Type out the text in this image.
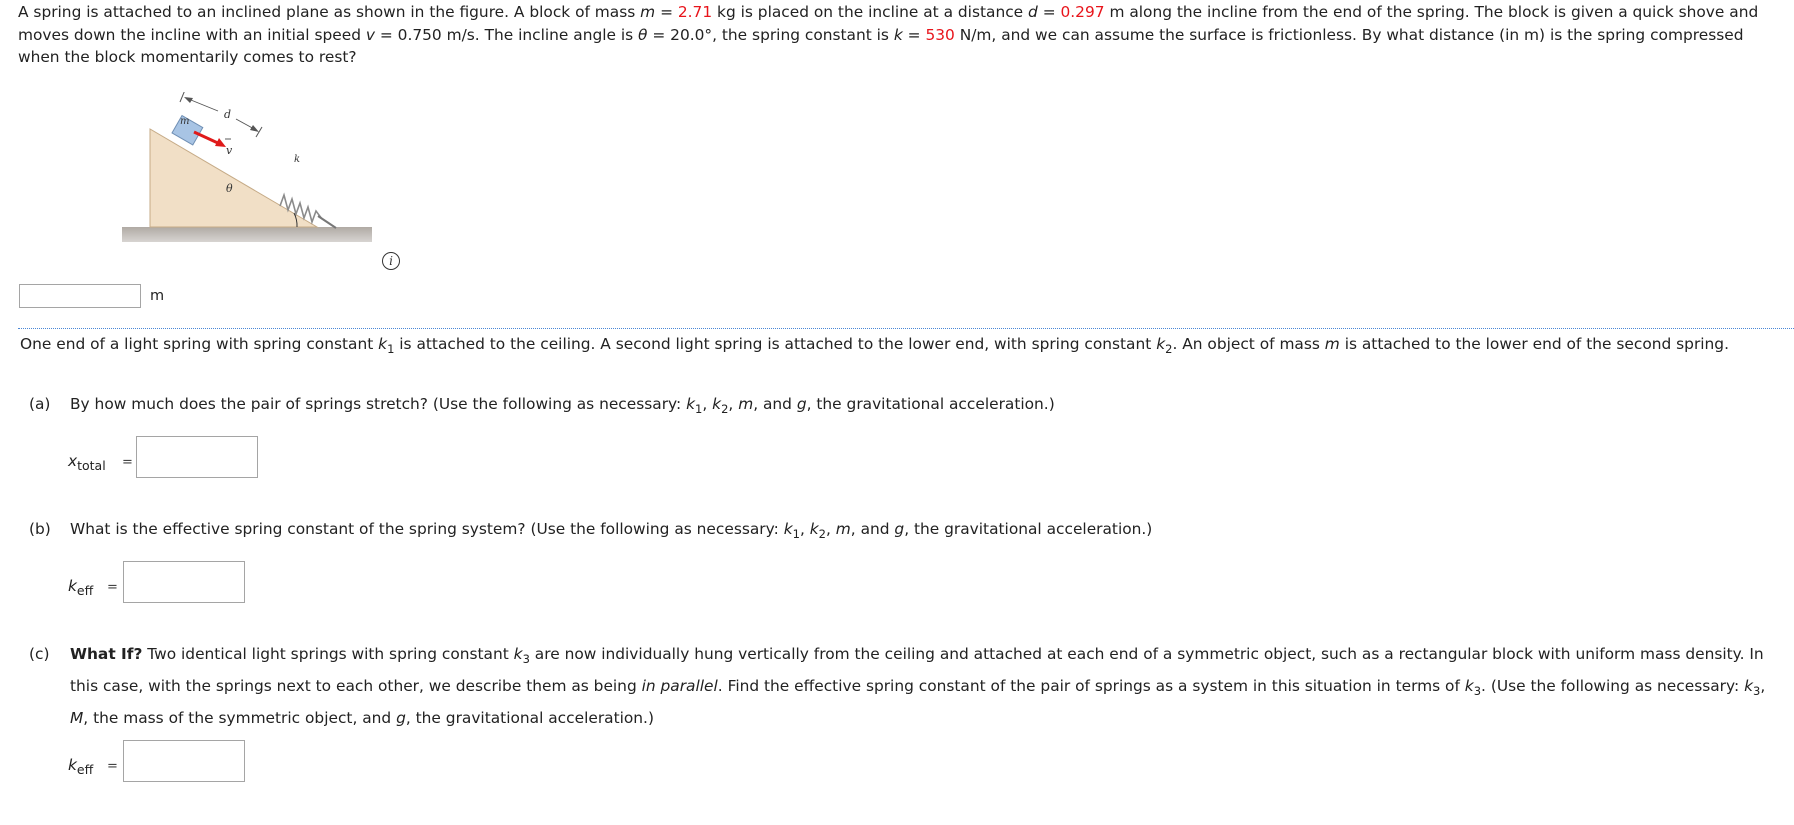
A spring is attached to an inclined plane as shown in the figure. A block of mass m = 2.71 kg is placed on the incline at a distance d = 0.297 m along the incline from the end of the spring. The block is given a quick shove and moves down the incline with an initial speed v = 0.750 m/s. The incline angle is θ = 20.0°, the spring constant is k = 530 N/m, and we can assume the surface is frictionless. By what distance (in m) is the spring compressed when the block momentarily comes to rest?
m
v
d
k
θ
i
m
One end of a light spring with spring constant $k_1$ is attached to the ceiling. A second light spring is attached to the lower end, with spring constant $k_2$. An object of mass m is attached to the lower end of the second spring.
(a) By how much does the pair of springs stretch? (Use the following as necessary: $k_1$, $k_2$, m, and g, the gravitational acceleration.)
$x_{total}$ =
(b) What is the effective spring constant of the spring system? (Use the following as necessary: $k_1$, $k_2$, m, and g, the gravitational acceleration.)
$k_{eff}$ =
(c) What If? Two identical light springs with spring constant $k_3$ are now individually hung vertically from the ceiling and attached at each end of a symmetric object, such as a rectangular block with uniform mass density. In this case, with the springs next to each other, we describe them as being in parallel. Find the effective spring constant of the pair of springs as a system in this situation in terms of $k_3$. (Use the following as necessary: $k_3$, M, the mass of the symmetric object, and g, the gravitational acceleration.)
$k_{eff}$ =
